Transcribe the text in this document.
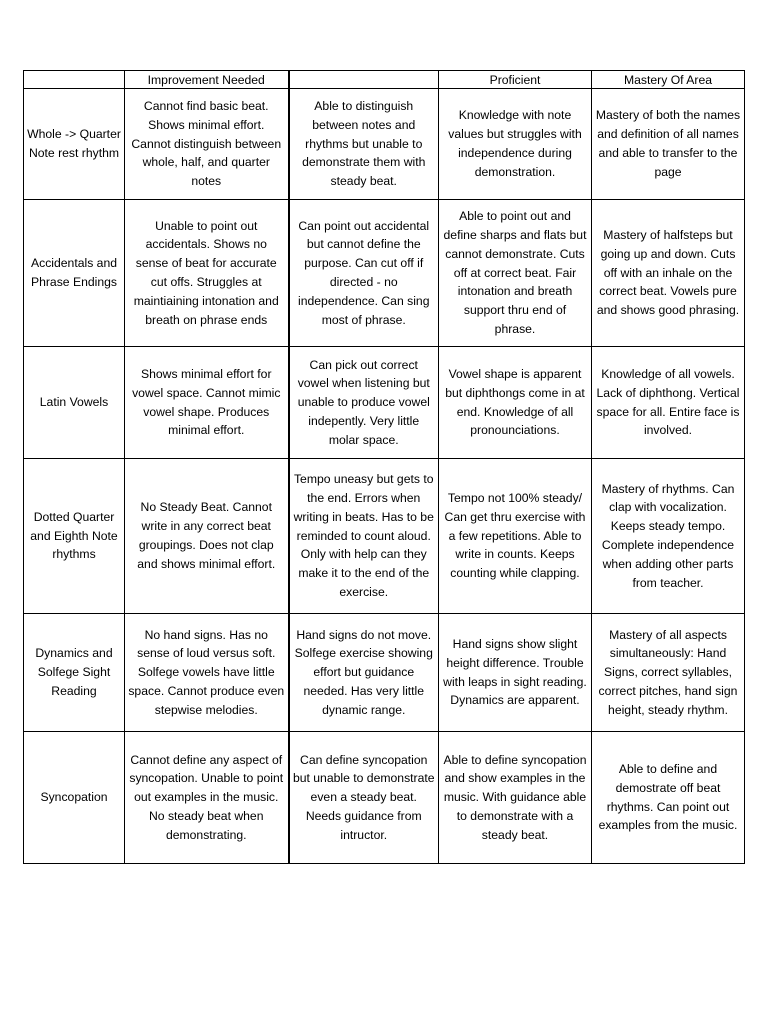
	Improvement Needed		Proficient	Mastery Of Area
Whole -> Quarter Note rest rhythm	Cannot find basic beat. Shows minimal effort. Cannot distinguish between whole, half, and quarter notes	Able to distinguish between notes and rhythms but unable to demonstrate them with steady beat.	Knowledge with note values but struggles with independence during demonstration.	Mastery of both the names and definition of all names and able to transfer to the page
Accidentals and Phrase Endings	Unable to point out accidentals. Shows no sense of beat for accurate cut offs. Struggles at maintiaining intonation and breath on phrase ends	Can point out accidental but cannot define the purpose. Can cut off if directed - no independence. Can sing most of phrase.	Able to point out and define sharps and flats but cannot demonstrate. Cuts off at correct beat. Fair intonation and breath support thru end of phrase.	Mastery of halfsteps but going up and down. Cuts off with an inhale on the correct beat. Vowels pure and shows good phrasing.
Latin Vowels	Shows minimal effort for vowel space. Cannot mimic vowel shape. Produces minimal effort.	Can pick out correct vowel when listening but unable to produce vowel indepently. Very little molar space.	Vowel shape is apparent but diphthongs come in at end. Knowledge of all pronounciations.	Knowledge of all vowels. Lack of diphthong. Vertical space for all. Entire face is involved.
Dotted Quarter and Eighth Note rhythms	No Steady Beat. Cannot write in any correct beat groupings. Does not clap and shows minimal effort.	Tempo uneasy but gets to the end. Errors when writing in beats. Has to be reminded to count aloud. Only with help can they make it to the end of the exercise.	Tempo not 100% steady/ Can get thru exercise with a few repetitions. Able to write in counts. Keeps counting while clapping.	Mastery of rhythms. Can clap with vocalization. Keeps steady tempo. Complete independence when adding other parts from teacher.
Dynamics and Solfege Sight Reading	No hand signs. Has no sense of loud versus soft. Solfege vowels have little space. Cannot produce even stepwise melodies.	Hand signs do not move. Solfege exercise showing effort but guidance needed. Has very little dynamic range.	Hand signs show slight height difference. Trouble with leaps in sight reading. Dynamics are apparent.	Mastery of all aspects simultaneously: Hand Signs, correct syllables, correct pitches, hand sign height, steady rhythm.
Syncopation	Cannot define any aspect of syncopation. Unable to point out examples in the music. No steady beat when demonstrating.	Can define syncopation but unable to demonstrate even a steady beat. Needs guidance from intructor.	Able to define syncopation and show examples in the music. With guidance able to demonstrate with a steady beat.	Able to define and demostrate off beat rhythms. Can point out examples from the music.
